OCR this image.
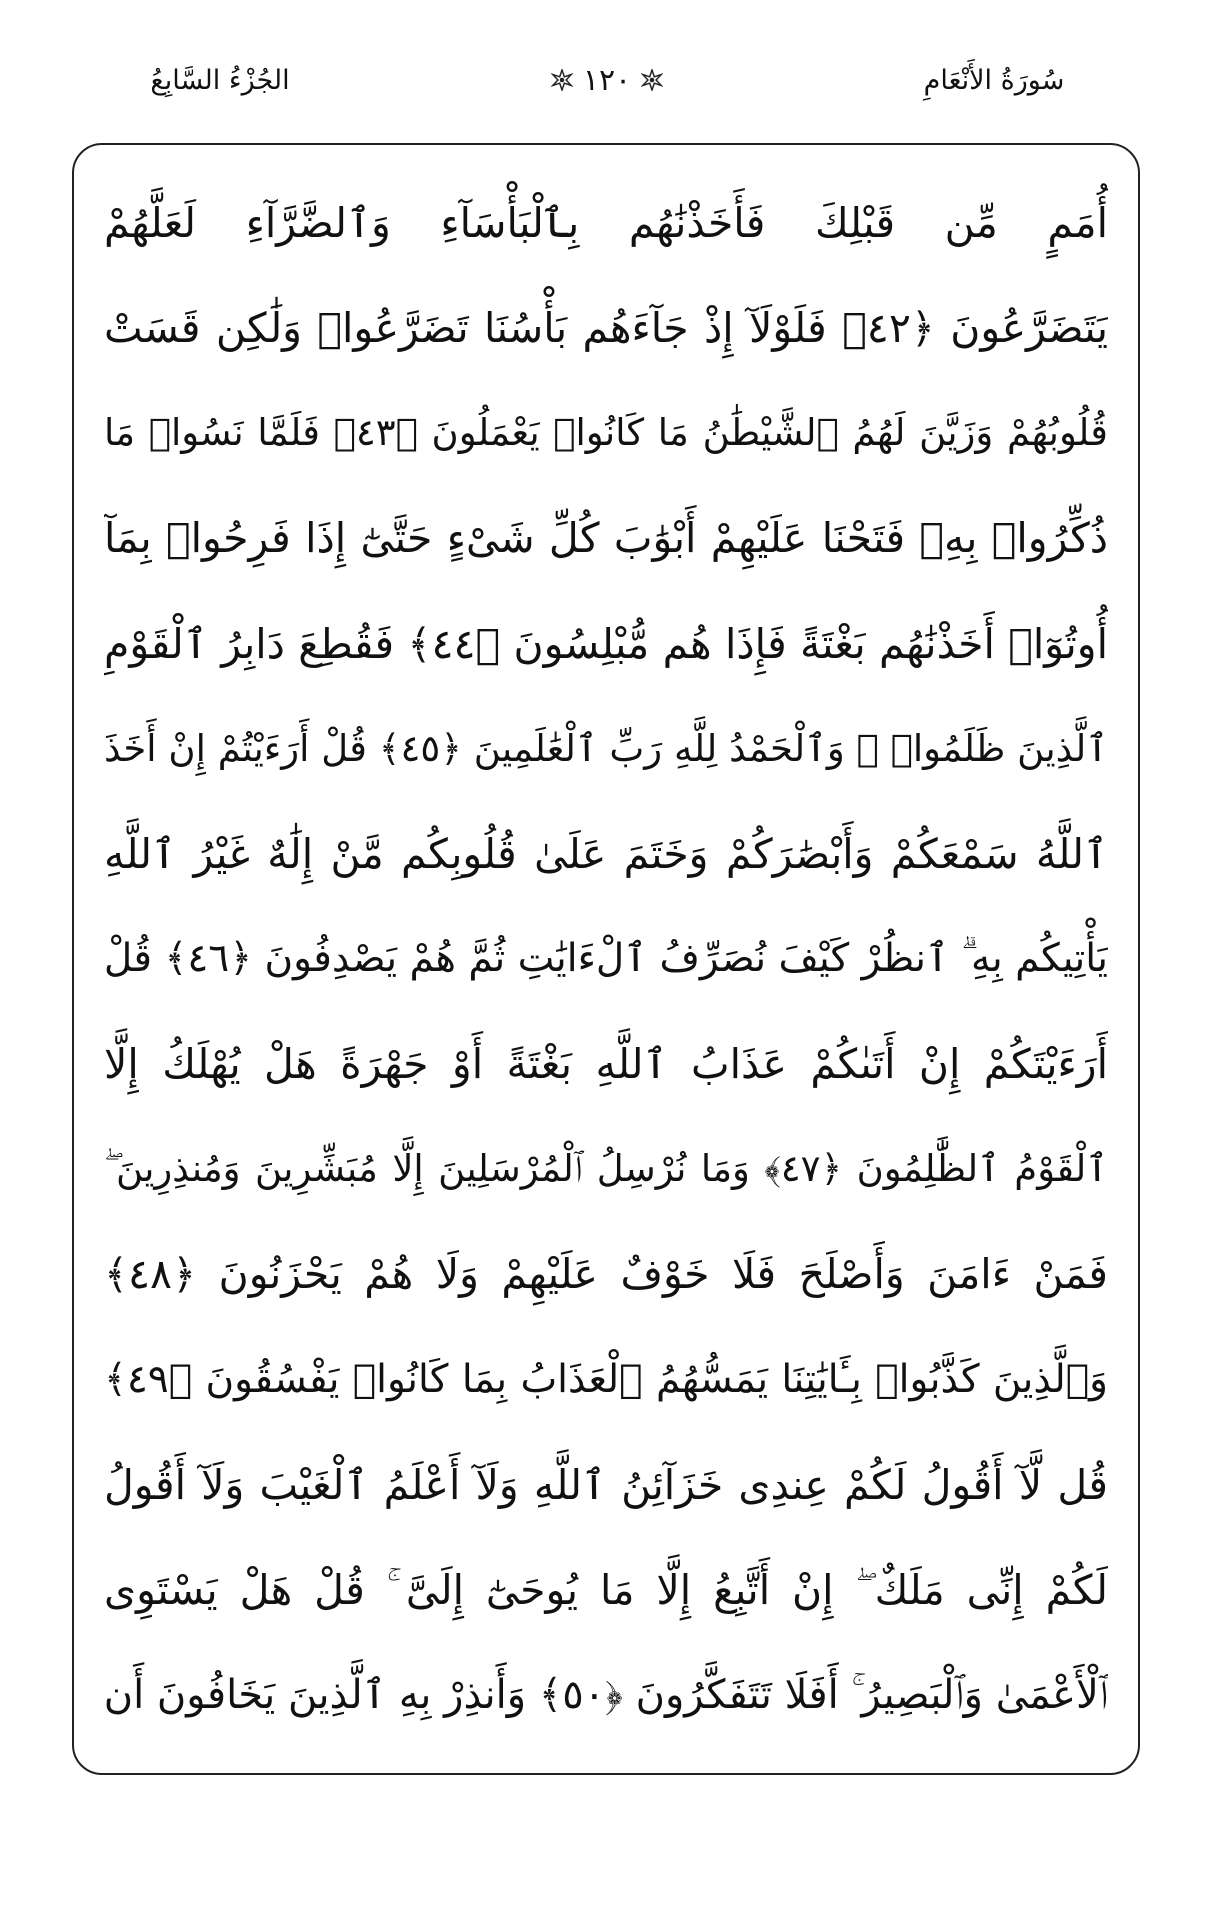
سُورَةُ الأَنْعَامِ
١٢٠
الجُزْءُ السَّابِعُ
أُمَمٍ مِّن قَبْلِكَ فَأَخَذْنَٰهُم بِٱلْبَأْسَآءِ وَٱلضَّرَّآءِ لَعَلَّهُمْ
يَتَضَرَّعُونَ ﴿٤٢﴾ فَلَوْلَآ إِذْ جَآءَهُم بَأْسُنَا تَضَرَّعُوا۟ وَلَٰكِن قَسَتْ
قُلُوبُهُمْ وَزَيَّنَ لَهُمُ ٱلشَّيْطَٰنُ مَا كَانُوا۟ يَعْمَلُونَ ﴿٤٣﴾ فَلَمَّا نَسُوا۟ مَا
ذُكِّرُوا۟ بِهِۦ فَتَحْنَا عَلَيْهِمْ أَبْوَٰبَ كُلِّ شَىْءٍ حَتَّىٰٓ إِذَا فَرِحُوا۟ بِمَآ
أُوتُوٓا۟ أَخَذْنَٰهُم بَغْتَةً فَإِذَا هُم مُّبْلِسُونَ ﴿٤٤﴾ فَقُطِعَ دَابِرُ ٱلْقَوْمِ
ٱلَّذِينَ ظَلَمُوا۟ ۚ وَٱلْحَمْدُ لِلَّهِ رَبِّ ٱلْعَٰلَمِينَ ﴿٤٥﴾ قُلْ أَرَءَيْتُمْ إِنْ أَخَذَ
ٱللَّهُ سَمْعَكُمْ وَأَبْصَٰرَكُمْ وَخَتَمَ عَلَىٰ قُلُوبِكُم مَّنْ إِلَٰهٌ غَيْرُ ٱللَّهِ
يَأْتِيكُم بِهِ ۗ ٱنظُرْ كَيْفَ نُصَرِّفُ ٱلْءَايَٰتِ ثُمَّ هُمْ يَصْدِفُونَ ﴿٤٦﴾ قُلْ
أَرَءَيْتَكُمْ إِنْ أَتَىٰكُمْ عَذَابُ ٱللَّهِ بَغْتَةً أَوْ جَهْرَةً هَلْ يُهْلَكُ إِلَّا
ٱلْقَوْمُ ٱلظَّٰلِمُونَ ﴿٤٧﴾ وَمَا نُرْسِلُ ٱلْمُرْسَلِينَ إِلَّا مُبَشِّرِينَ وَمُنذِرِينَ ۖ
فَمَنْ ءَامَنَ وَأَصْلَحَ فَلَا خَوْفٌ عَلَيْهِمْ وَلَا هُمْ يَحْزَنُونَ ﴿٤٨﴾
وَٱلَّذِينَ كَذَّبُوا۟ بِـَٔايَٰتِنَا يَمَسُّهُمُ ٱلْعَذَابُ بِمَا كَانُوا۟ يَفْسُقُونَ ﴿٤٩﴾
قُل لَّآ أَقُولُ لَكُمْ عِندِى خَزَآئِنُ ٱللَّهِ وَلَآ أَعْلَمُ ٱلْغَيْبَ وَلَآ أَقُولُ
لَكُمْ إِنِّى مَلَكٌ ۖ إِنْ أَتَّبِعُ إِلَّا مَا يُوحَىٰٓ إِلَىَّ ۚ قُلْ هَلْ يَسْتَوِى
ٱلْأَعْمَىٰ وَٱلْبَصِيرُ ۚ أَفَلَا تَتَفَكَّرُونَ ﴿٥٠﴾ وَأَنذِرْ بِهِ ٱلَّذِينَ يَخَافُونَ أَن
